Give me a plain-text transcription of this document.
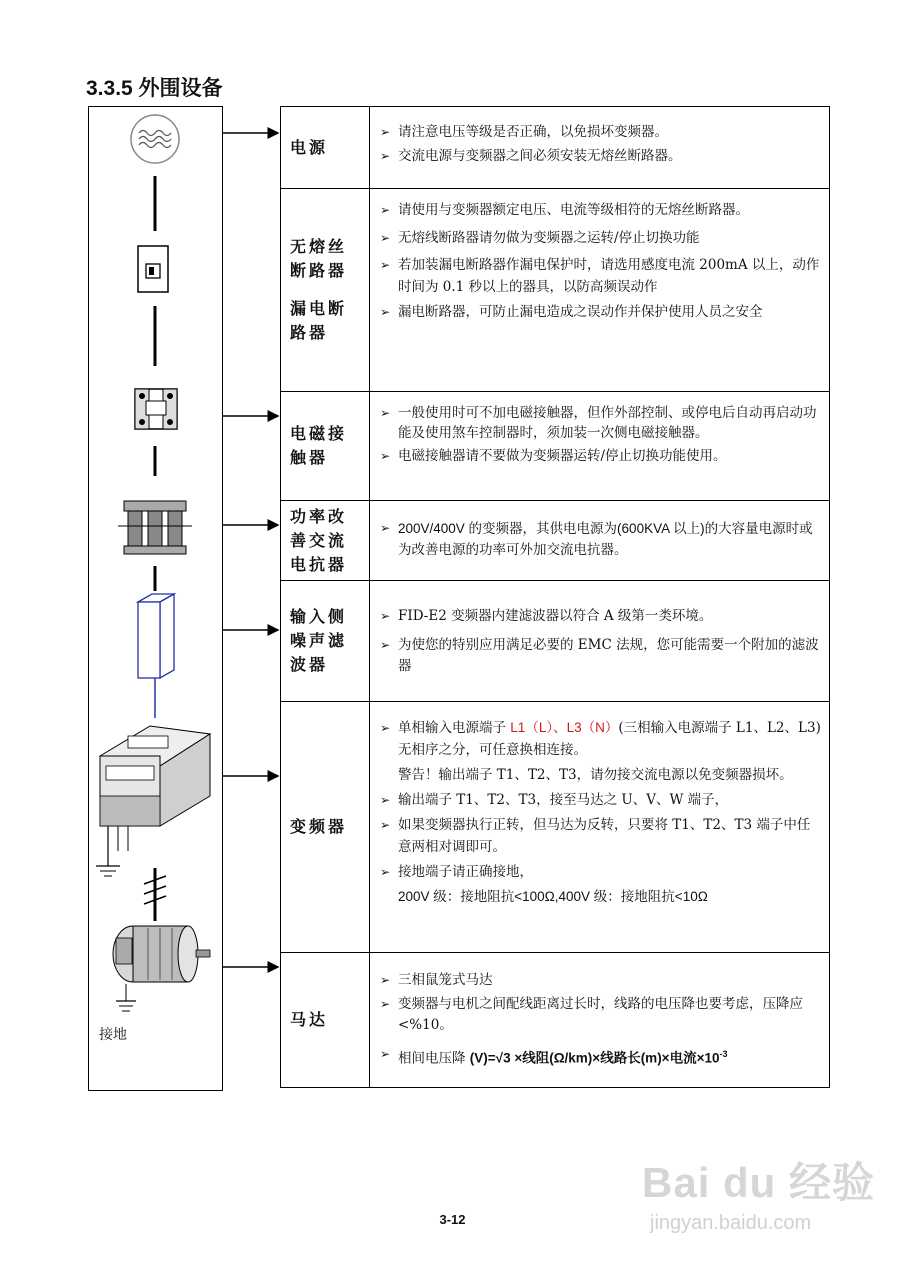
3.3.5 外围设备
接地
电源
➢ 请注意电压等级是否正确，以免损坏变频器。
➢ 交流电源与变频器之间必须安装无熔丝断路器。
无熔丝
断路器
漏电断
路器
➢ 请使用与变频器额定电压、电流等级相符的无熔丝断路器。
➢ 无熔线断路器请勿做为变频器之运转/停止切换功能
➢ 若加装漏电断路器作漏电保护时，请选用感度电流 200mA 以上，动作时间为 0.1 秒以上的器具，以防高频误动作
➢ 漏电断路器，可防止漏电造成之误动作并保护使用人员之安全
电磁接
触器
➢ 一般使用时可不加电磁接触器，但作外部控制、或停电后自动再启动功能及使用煞车控制器时，须加装一次侧电磁接触器。
➢ 电磁接触器请不要做为变频器运转/停止切换功能使用。
功率改
善交流
电抗器
➢ 200V/400V 的变频器，其供电电源为(600KVA 以上)的大容量电源时或为改善电源的功率可外加交流电抗器。
输入侧
噪声滤
波器
➢ FID-E2 变频器内建滤波器以符合 A 级第一类环境。
➢ 为使您的特别应用满足必要的 EMC 法规，您可能需要一个附加的滤波器
变频器
➢ 单相输入电源端子 L1（L）、L3（N）(三相输入电源端子 L1、L2、L3)无相序之分，可任意换相连接。
警告！输出端子 T1、T2、T3，请勿接交流电源以免变频器损坏。
➢ 输出端子 T1、T2、T3，接至马达之 U、V、W 端子，
➢ 如果变频器执行正转，但马达为反转，只要将 T1、T2、T3 端子中任意两相对调即可。
➢ 接地端子请正确接地，
200V 级：接地阻抗<100Ω,400V 级：接地阻抗<10Ω
马达
➢ 三相鼠笼式马达
➢ 变频器与电机之间配线距离过长时，线路的电压降也要考虑，压降应<%10。
➢ 相间电压降 (V)=√3 ×线阻(Ω/km)×线路长(m)×电流$\times 10^{-3}$
3-12
Bai du 经验
jingyan.baidu.com
